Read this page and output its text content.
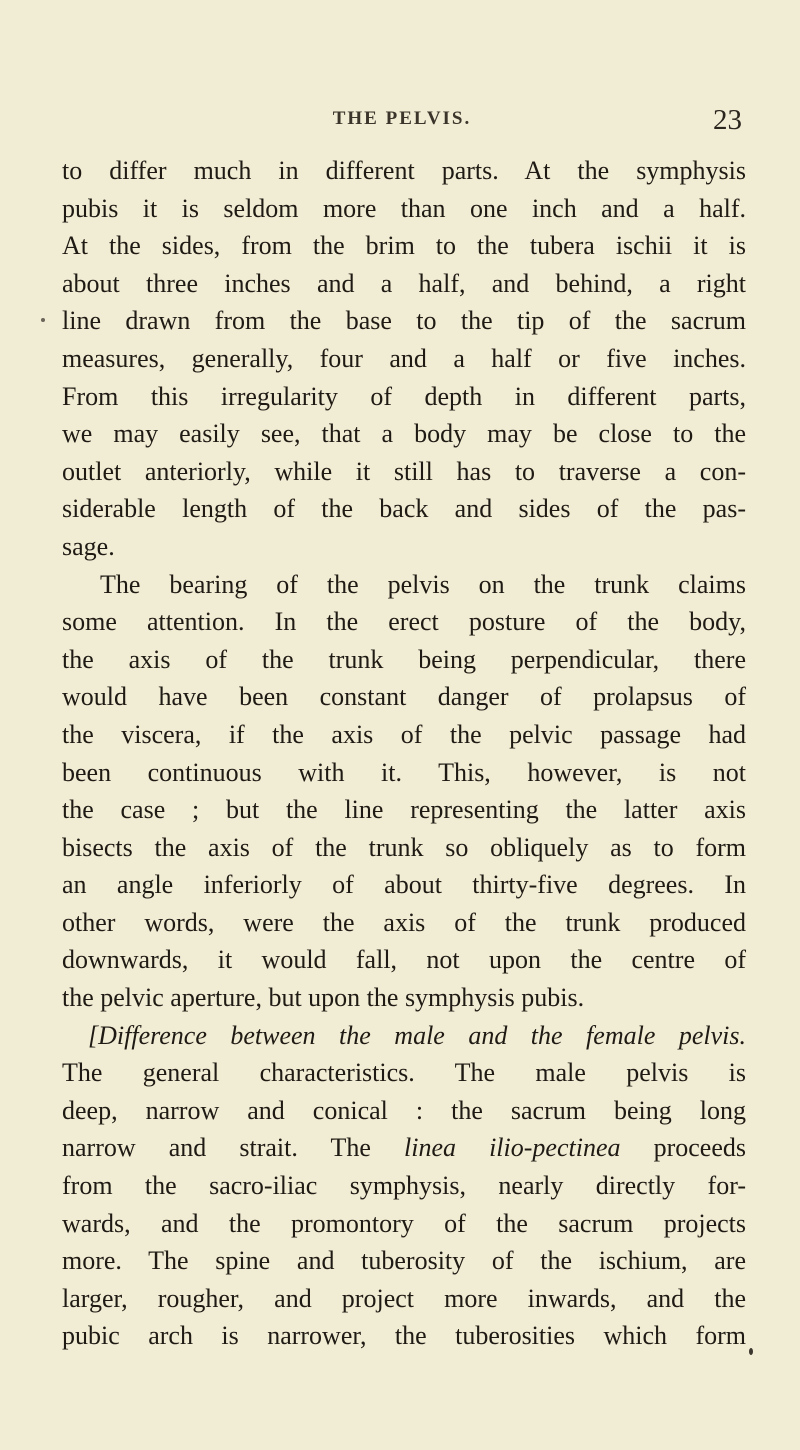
THE PELVIS.	23
to differ much in different parts. At the symphysis
pubis it is seldom more than one inch and a half.
At the sides, from the brim to the tubera ischii it is
about three inches and a half, and behind, a right
line drawn from the base to the tip of the sacrum
measures, generally, four and a half or five inches.
From this irregularity of depth in different parts,
we may easily see, that a body may be close to the
outlet anteriorly, while it still has to traverse a con-
siderable length of the back and sides of the pas-
sage.
The bearing of the pelvis on the trunk claims
some attention. In the erect posture of the body,
the axis of the trunk being perpendicular, there
would have been constant danger of prolapsus of
the viscera, if the axis of the pelvic passage had
been continuous with it. This, however, is not
the case ; but the line representing the latter axis
bisects the axis of the trunk so obliquely as to form
an angle inferiorly of about thirty-five degrees. In
other words, were the axis of the trunk produced
downwards, it would fall, not upon the centre of
the pelvic aperture, but upon the symphysis pubis.
[Difference between the male and the female pelvis.
The general characteristics. The male pelvis is
deep, narrow and conical : the sacrum being long
narrow and strait. The linea ilio-pectinea proceeds
from the sacro-iliac symphysis, nearly directly for-
wards, and the promontory of the sacrum projects
more. The spine and tuberosity of the ischium, are
larger, rougher, and project more inwards, and the
pubic arch is narrower, the tuberosities which form
